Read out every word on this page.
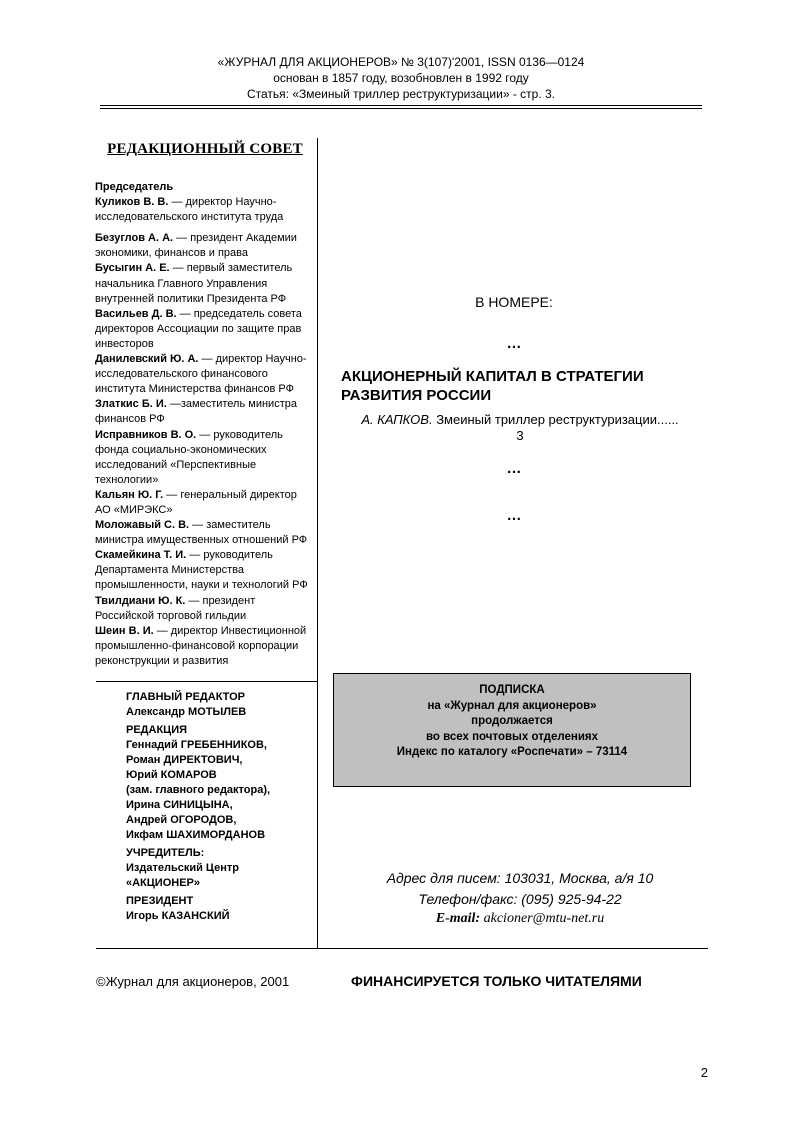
«ЖУРНАЛ ДЛЯ АКЦИОНЕРОВ» № 3(107)'2001, ISSN 0136—0124
основан в 1857 году, возобновлен в 1992 году
Статья: «Змеиный триллер реструктуризации» - стр. 3.
РЕДАКЦИОННЫЙ СОВЕТ
Председатель
Куликов В. В. — директор Научно-исследовательского института труда
Безуглов А. А. — президент Академии экономики, финансов и права
Бусыгин А. Е. — первый заместитель начальника Главного Управления внутренней политики Президента РФ
Васильев Д. В. — председатель совета директоров Ассоциации по защите прав инвесторов
Данилевский Ю. А. — директор Научно-исследовательского финансового института Министерства финансов РФ
Златкис Б. И. —заместитель министра финансов РФ
Исправников В. О. — руководитель фонда социально-экономических исследований «Перспективные технологии»
Кальян Ю. Г. — генеральный директор АО «МИРЭКС»
Моложавый С. В. — заместитель министра имущественных отношений РФ
Скамейкина Т. И. — руководитель Департамента Министерства промышленности, науки и технологий РФ
Твилдиани Ю. К. — президент Российской торговой гильдии
Шеин В. И. — директор Инвестиционной промышленно-финансовой корпорации реконструкции и развития
ГЛАВНЫЙ РЕДАКТОР
Александр МОТЫЛЕВ
РЕДАКЦИЯ
Геннадий ГРЕБЕННИКОВ,
Роман ДИРЕКТОВИЧ,
Юрий КОМАРОВ
(зам. главного редактора),
Ирина СИНИЦЫНА,
Андрей ОГОРОДОВ,
Икфам ШАХИМОРДАНОВ
УЧРЕДИТЕЛЬ:
Издательский Центр
«АКЦИОНЕР»
ПРЕЗИДЕНТ
Игорь КАЗАНСКИЙ
В НОМЕРЕ:
…
АКЦИОНЕРНЫЙ КАПИТАЛ В СТРАТЕГИИ РАЗВИТИЯ РОССИИ
А. КАПКОВ. Змеиный триллер реструктуризации......
3
…
…
ПОДПИСКА
на «Журнал для акционеров»
продолжается
во всех почтовых отделениях
Индекс по каталогу «Роспечати» – 73114
Адрес для писем: 103031, Москва, а/я 10
Телефон/факс: (095) 925-94-22
E-mail: akcioner@mtu-net.ru
©Журнал для акционеров, 2001	ФИНАНСИРУЕТСЯ ТОЛЬКО ЧИТАТЕЛЯМИ
2
